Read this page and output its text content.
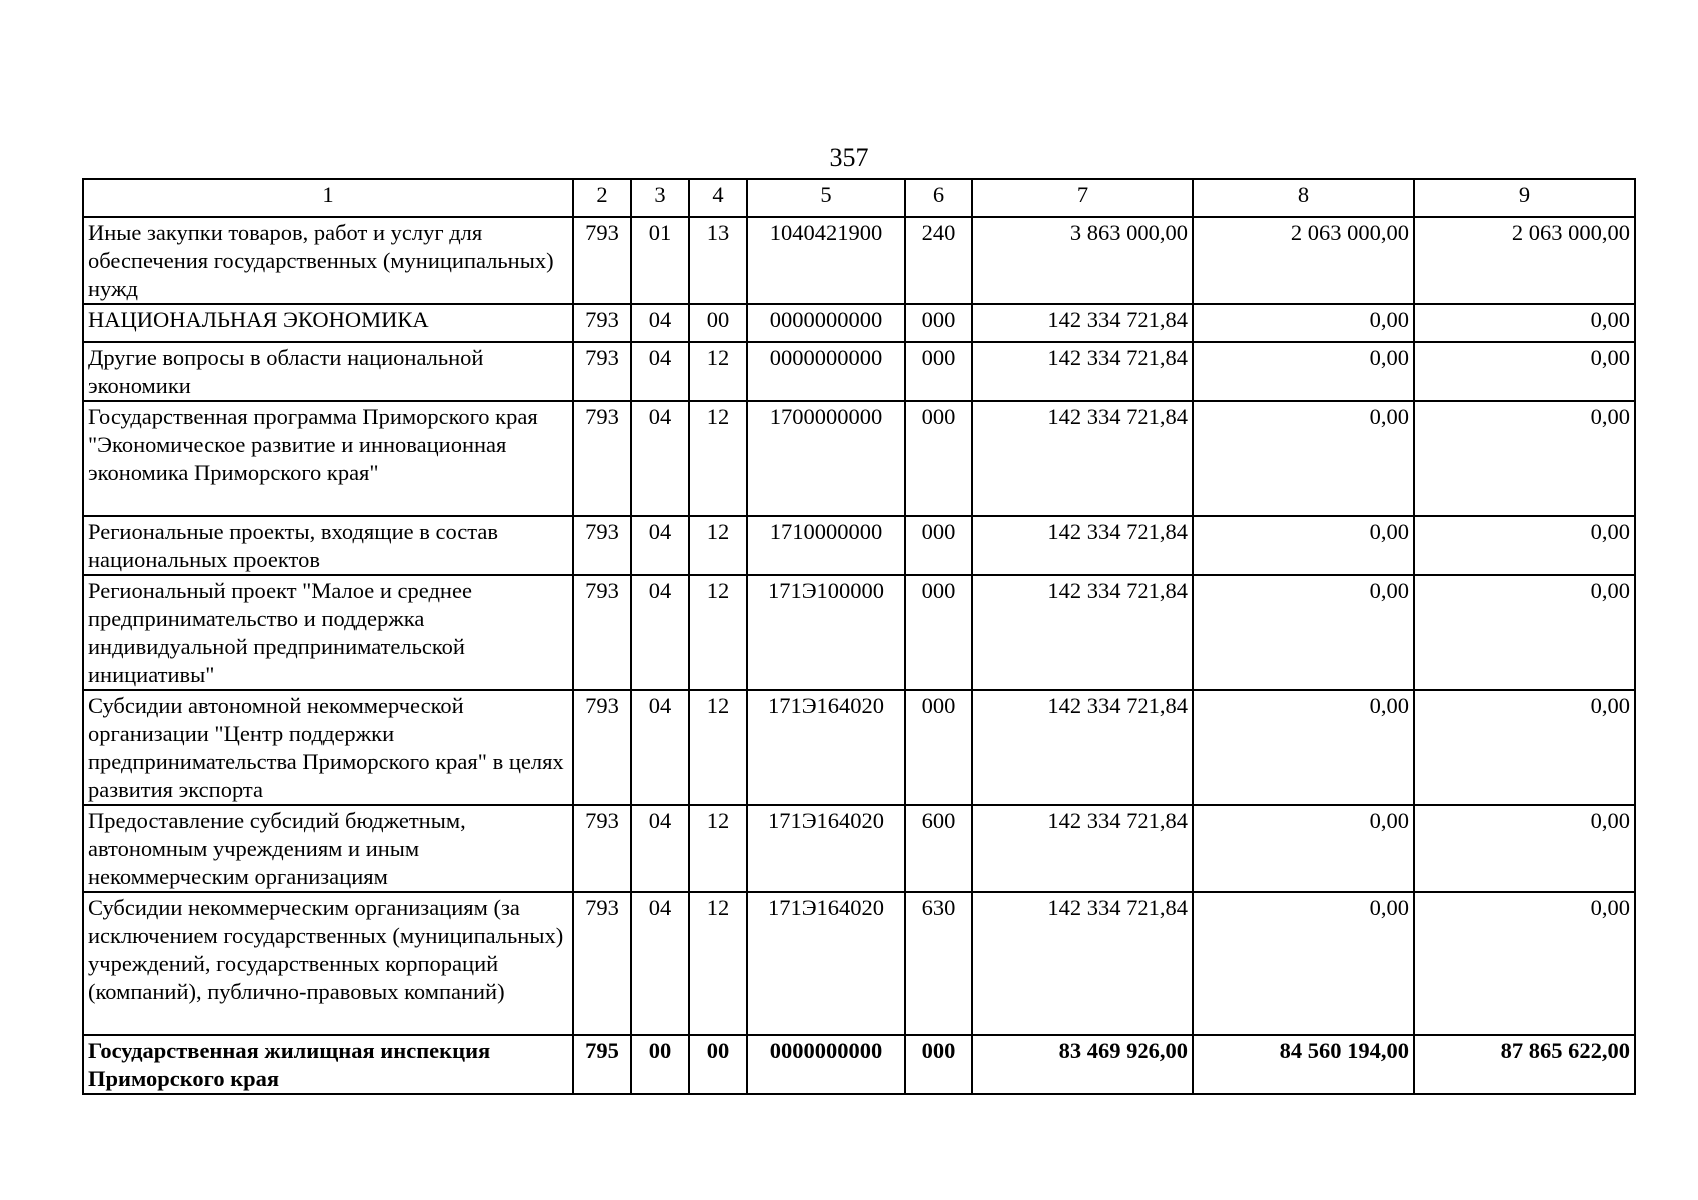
357
1	2	3	4	5	6	7	8	9
Иные закупки товаров, работ и услуг для обеспечения государственных (муниципальных) нужд	793	01	13	1040421900	240	3 863 000,00	2 063 000,00	2 063 000,00
НАЦИОНАЛЬНАЯ ЭКОНОМИКА	793	04	00	0000000000	000	142 334 721,84	0,00	0,00
Другие вопросы в области национальной экономики	793	04	12	0000000000	000	142 334 721,84	0,00	0,00
Государственная программа Приморского края "Экономическое развитие и инновационная экономика Приморского края"	793	04	12	1700000000	000	142 334 721,84	0,00	0,00
Региональные проекты, входящие в состав национальных проектов	793	04	12	1710000000	000	142 334 721,84	0,00	0,00
Региональный проект "Малое и среднее предпринимательство и поддержка индивидуальной предпринимательской инициативы"	793	04	12	171Э100000	000	142 334 721,84	0,00	0,00
Субсидии автономной некоммерческой организации "Центр поддержки предпринимательства Приморского края" в целях развития экспорта	793	04	12	171Э164020	000	142 334 721,84	0,00	0,00
Предоставление субсидий бюджетным, автономным учреждениям и иным некоммерческим организациям	793	04	12	171Э164020	600	142 334 721,84	0,00	0,00
Субсидии некоммерческим организациям (за исключением государственных (муниципальных) учреждений, государственных корпораций (компаний), публично-правовых компаний)	793	04	12	171Э164020	630	142 334 721,84	0,00	0,00
Государственная жилищная инспекция Приморского края	795	00	00	0000000000	000	83 469 926,00	84 560 194,00	87 865 622,00
